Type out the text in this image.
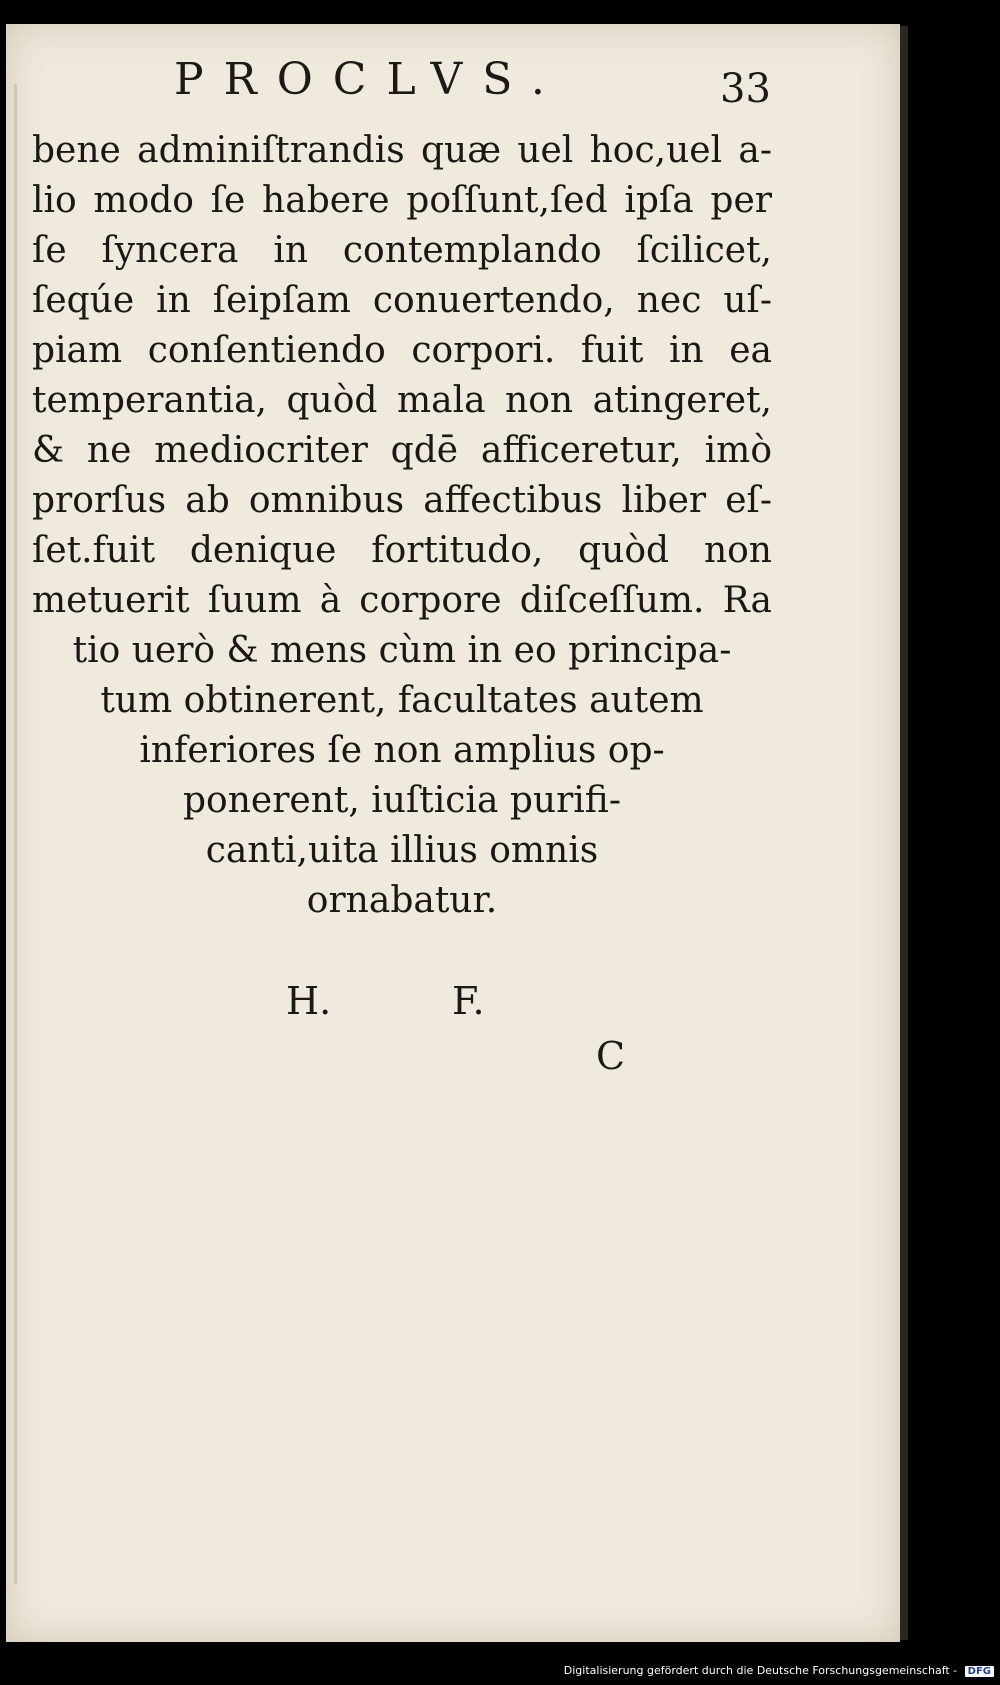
PROCLVS.	33
bene adminiſtrandis quæ uel hoc,uel a-
lio modo ſe habere poſſunt,ſed ipſa per
ſe ſyncera in contemplando ſcilicet,
ſeqúe in ſeipſam conuertendo, nec uſ-
piam conſentiendo corpori. fuit in ea
temperantia, quòd mala non atingeret,
& ne mediocriter qdē afficeretur, imò
prorſus ab omnibus affectibus liber eſ-
ſet.fuit denique fortitudo, quòd non
metuerit ſuum à corpore diſceſſum. Ra
tio uerò & mens cùm in eo principa-
tum obtinerent, facultates autem
inferiores ſe non amplius op-
ponerent, iuſticia purifi-
canti,uita illius omnis
ornabatur.
H.	F.
C
Digitalisierung gefördert durch die Deutsche Forschungsgemeinschaft - DFG
